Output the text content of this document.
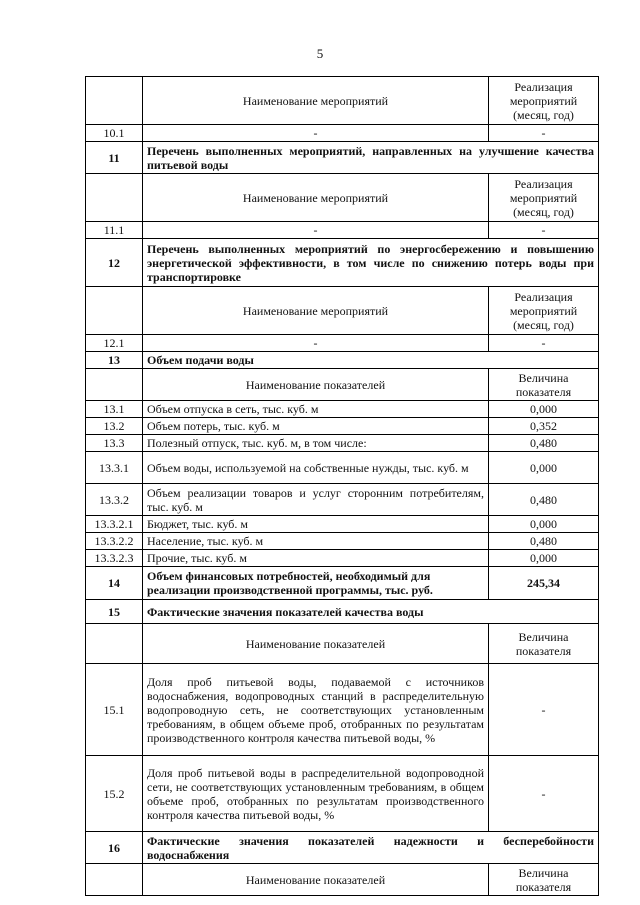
5
	Наименование мероприятий	Реализация мероприятий (месяц, год)
10.1	-	-
11	Перечень выполненных мероприятий, направленных на улучшение качества питьевой воды	
	Наименование мероприятий	Реализация мероприятий (месяц, год)
11.1	-	-
12	Перечень выполненных мероприятий по энергосбережению и повышению энергетической эффективности, в том числе по снижению потерь воды при транспортировке	
	Наименование мероприятий	Реализация мероприятий (месяц, год)
12.1	-	-
13	Объем подачи воды	
	Наименование показателей	Величина показателя
13.1	Объем отпуска в сеть, тыс. куб. м	0,000
13.2	Объем потерь, тыс. куб. м	0,352
13.3	Полезный отпуск, тыс. куб. м, в том числе:	0,480
13.3.1	Объем воды, используемой на собственные нужды, тыс. куб. м	0,000
13.3.2	Объем реализации товаров и услуг сторонним потребителям, тыс. куб. м	0,480
13.3.2.1	Бюджет, тыс. куб. м	0,000
13.3.2.2	Население, тыс. куб. м	0,480
13.3.2.3	Прочие, тыс. куб. м	0,000
14	Объем финансовых потребностей, необходимый для реализации производственной программы, тыс. руб.	245,34
15	Фактические значения показателей качества воды	
	Наименование показателей	Величина показателя
15.1	Доля проб питьевой воды, подаваемой с источников водоснабжения, водопроводных станций в распределительную водопроводную сеть, не соответствующих установленным требованиям, в общем объеме проб, отобранных по результатам производственного контроля качества питьевой воды, %	-
15.2	Доля проб питьевой воды в распределительной водопроводной сети, не соответствующих установленным требованиям, в общем объеме проб, отобранных по результатам производственного контроля качества питьевой воды, %	-
16	Фактические значения показателей надежности и бесперебойности водоснабжения	
	Наименование показателей	Величина показателя
